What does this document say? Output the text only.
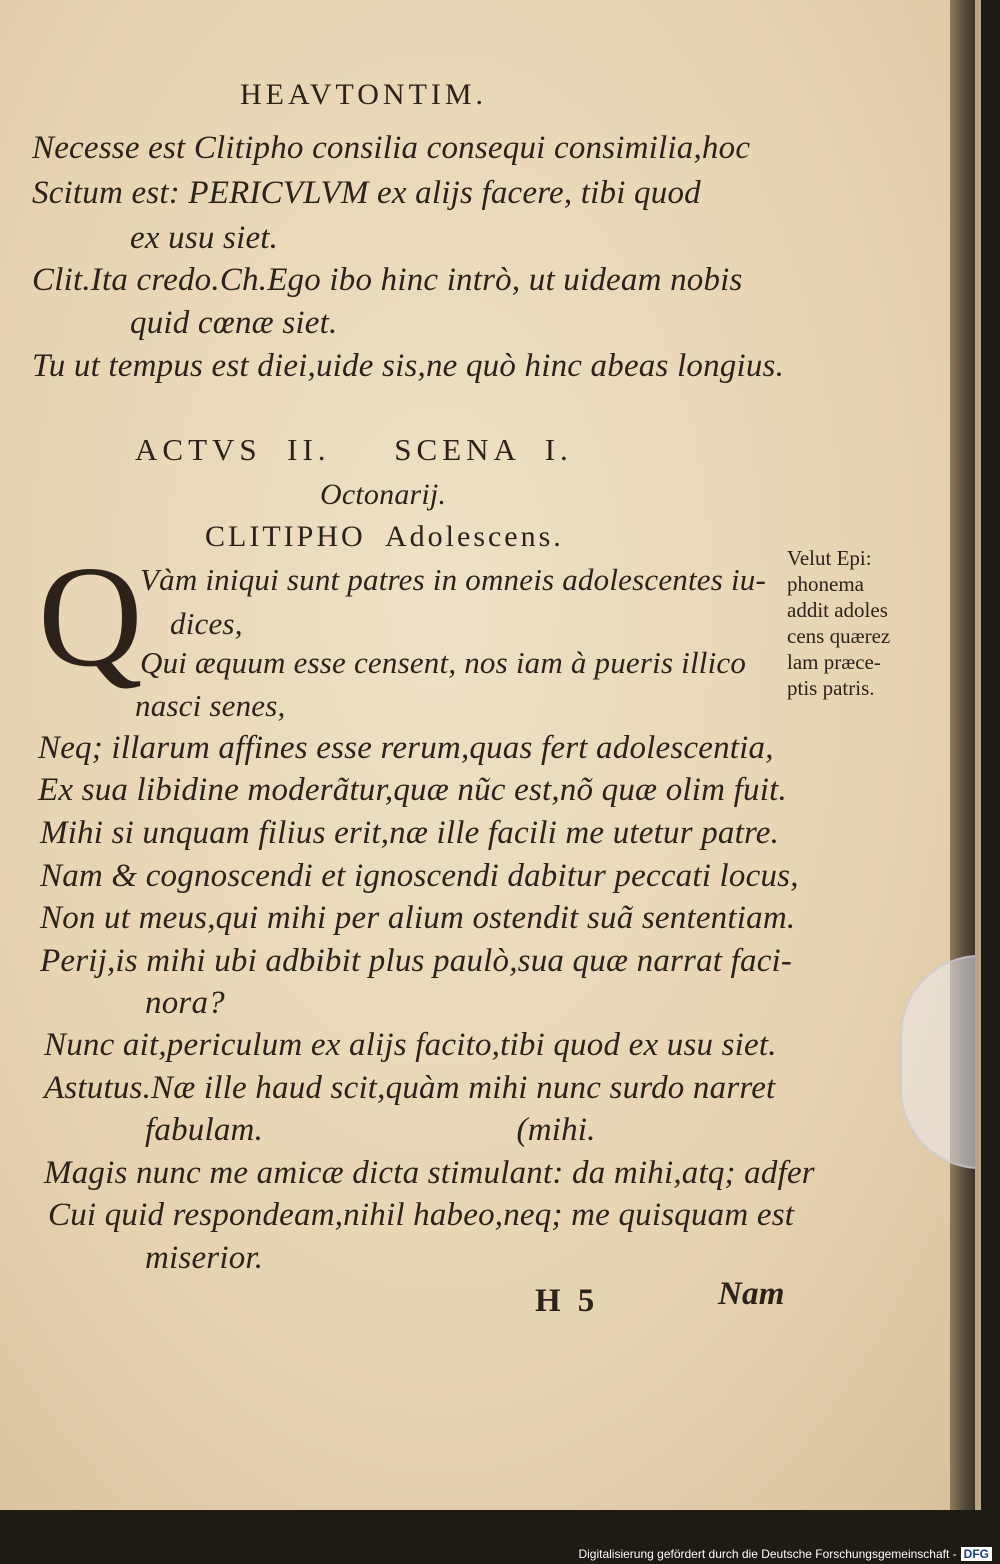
HEAVTONTIM.
Necesse est Clitipho consilia consequi consimilia,hoc
Scitum est: PERICVLVM ex alijs facere, tibi quod
ex usu siet.
Clit.Ita credo.Ch.Ego ibo hinc intrò, ut uideam nobis
quid cœnæ siet.
Tu ut tempus est diei,uide sis,ne quò hinc abeas longius.
ACTVS  II.     SCENA  I.
Octonarij.
CLITIPHO  Adolescens.
Q
Vàm iniqui sunt patres in omneis adolescentes iu-
dices,
Qui æquum esse censent, nos iam à pueris illico
nasci senes,
Neq; illarum affines esse rerum,quas fert adolescentia,
Ex sua libidine moderãtur,quæ nũc est,nõ quæ olim fuit.
Mihi si unquam filius erit,næ ille facili me utetur patre.
Nam & cognoscendi et ignoscendi dabitur peccati locus,
Non ut meus,qui mihi per alium ostendit suã sententiam.
Perij,is mihi ubi adbibit plus paulò,sua quæ narrat faci-
nora?
Nunc ait,periculum ex alijs facito,tibi quod ex usu siet.
Astutus.Næ ille haud scit,quàm mihi nunc surdo narret
fabulam.                              (mihi.
Magis nunc me amicæ dicta stimulant: da mihi,atq; adfer
Cui quid respondeam,nihil habeo,neq; me quisquam est
miserior.
Velut Epi:
phonema
addit adoles
cens quærez
lam præce-
ptis patris.
H  5	Nam
Digitalisierung gefördert durch die Deutsche Forschungsgemeinschaft - DFG
